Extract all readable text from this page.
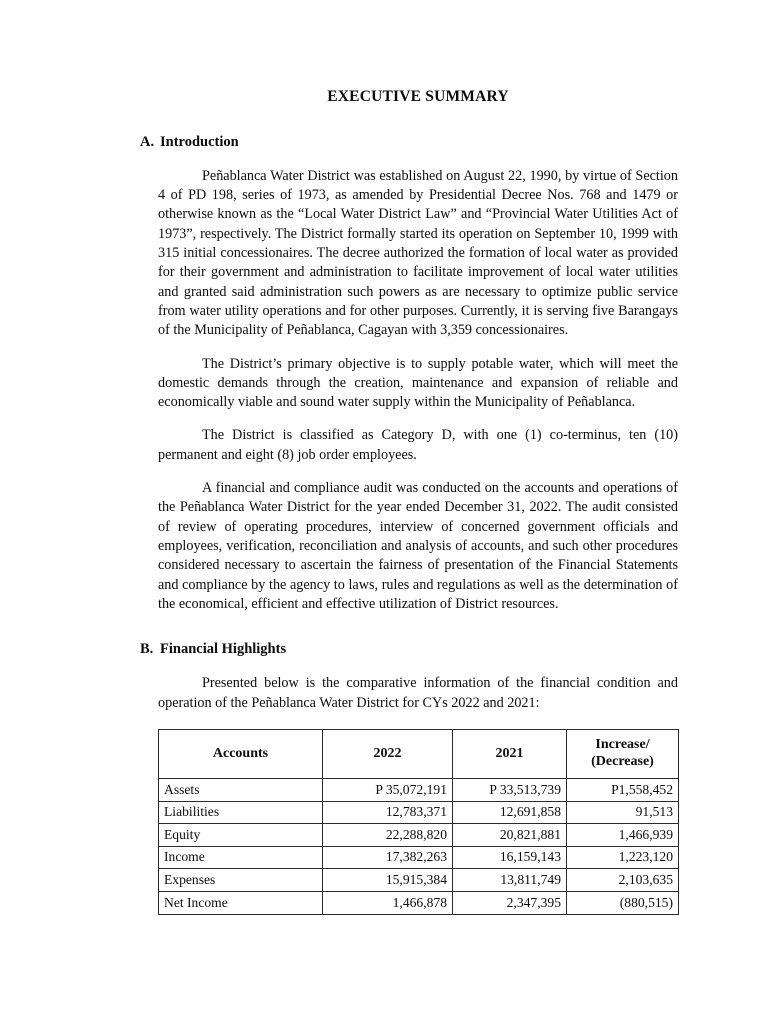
EXECUTIVE SUMMARY
A. Introduction

Peñablanca Water District was established on August 22, 1990, by virtue of Section 4 of PD 198, series of 1973, as amended by Presidential Decree Nos. 768 and 1479 or otherwise known as the “Local Water District Law” and “Provincial Water Utilities Act of 1973”, respectively. The District formally started its operation on September 10, 1999 with 315 initial concessionaires. The decree authorized the formation of local water as provided for their government and administration to facilitate improvement of local water utilities and granted said administration such powers as are necessary to optimize public service from water utility operations and for other purposes. Currently, it is serving five Barangays of the Municipality of Peñablanca, Cagayan with 3,359 concessionaires.

The District’s primary objective is to supply potable water, which will meet the domestic demands through the creation, maintenance and expansion of reliable and economically viable and sound water supply within the Municipality of Peñablanca.

The District is classified as Category D, with one (1) co-terminus, ten (10) permanent and eight (8) job order employees.

A financial and compliance audit was conducted on the accounts and operations of the Peñablanca Water District for the year ended December 31, 2022. The audit consisted of review of operating procedures, interview of concerned government officials and employees, verification, reconciliation and analysis of accounts, and such other procedures considered necessary to ascertain the fairness of presentation of the Financial Statements and compliance by the agency to laws, rules and regulations as well as the determination of the economical, efficient and effective utilization of District resources.

B. Financial Highlights

Presented below is the comparative information of the financial condition and operation of the Peñablanca Water District for CYs 2022 and 2021:

Accounts	2022	2021	Increase/
(Decrease)

Assets	P 35,072,191	P 33,513,739	P1,558,452
Liabilities	12,783,371	12,691,858	91,513
Equity	22,288,820	20,821,881	1,466,939
Income	17,382,263	16,159,143	1,223,120
Expenses	15,915,384	13,811,749	2,103,635
Net Income	1,466,878	2,347,395	(880,515)
